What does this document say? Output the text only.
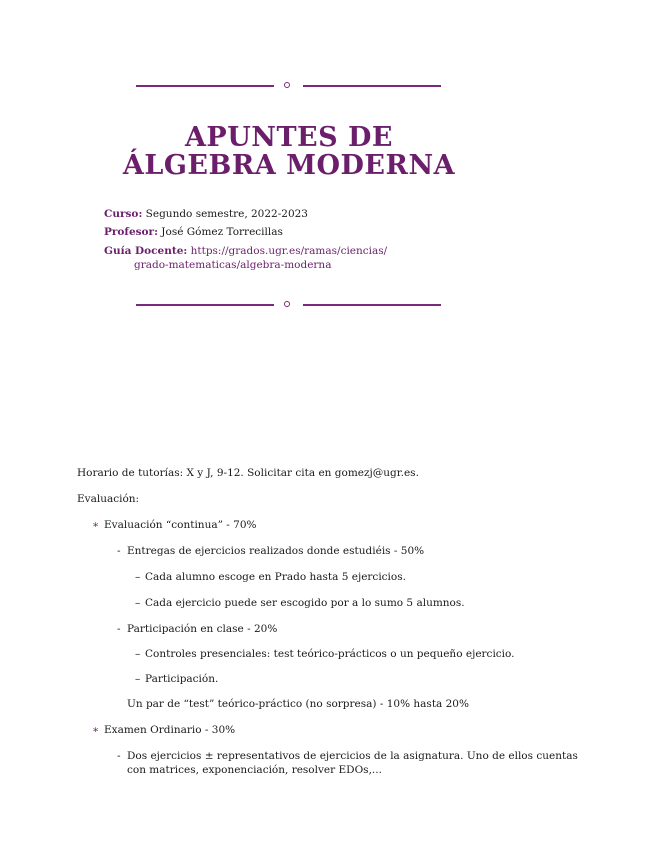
APUNTES DE
ÁLGEBRA MODERNA
Curso: Segundo semestre, 2022-2023
Profesor: José Gómez Torrecillas
Guía Docente: https://grados.ugr.es/ramas/ciencias/
grado-matematicas/algebra-moderna
Horario de tutorías: X y J, 9-12. Solicitar cita en gomezj@ugr.es.
Evaluación:
∗ Evaluación “continua” - 70%
- Entregas de ejercicios realizados donde estudiéis - 50%
– Cada alumno escoge en Prado hasta 5 ejercicios.
– Cada ejercicio puede ser escogido por a lo sumo 5 alumnos.
- Participación en clase - 20%
– Controles presenciales: test teórico-prácticos o un pequeño ejercicio.
– Participación.
Un par de “test” teórico-práctico (no sorpresa) - 10% hasta 20%
∗ Examen Ordinario - 30%
- Dos ejercicios ± representativos de ejercicios de la asignatura. Uno de ellos cuentas
con matrices, exponenciación, resolver EDOs,...
